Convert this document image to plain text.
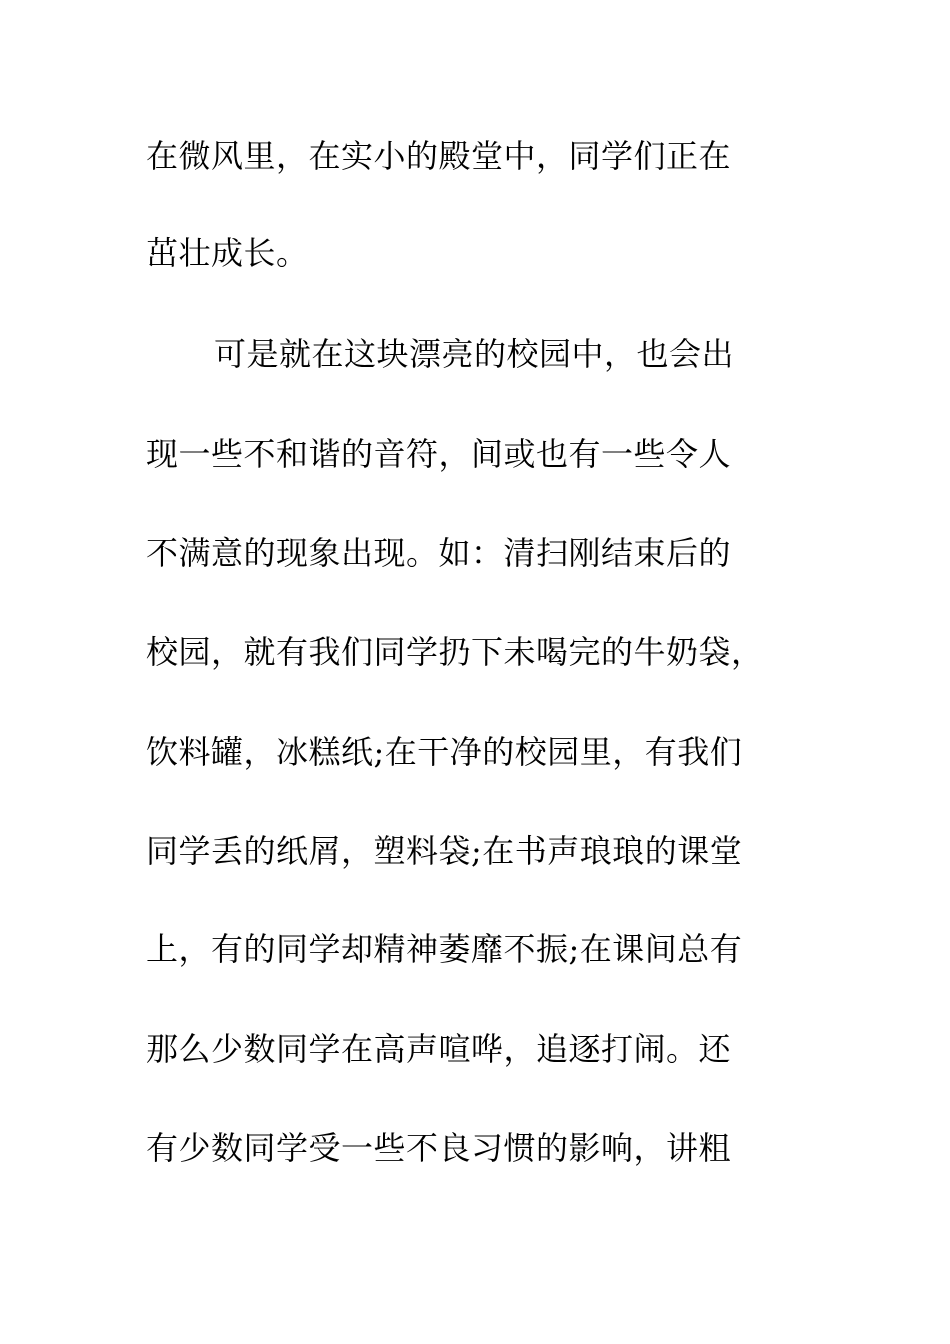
在微风里，在实小的殿堂中，同学们正在
茁壮成长。
可是就在这块漂亮的校园中，也会出
现一些不和谐的音符，间或也有一些令人
不满意的现象出现。如：清扫刚结束后的
校园，就有我们同学扔下未喝完的牛奶袋，
饮料罐，冰糕纸;在干净的校园里，有我们
同学丢的纸屑，塑料袋;在书声琅琅的课堂
上，有的同学却精神萎靡不振;在课间总有
那么少数同学在高声喧哗，追逐打闹。还
有少数同学受一些不良习惯的影响，讲粗
